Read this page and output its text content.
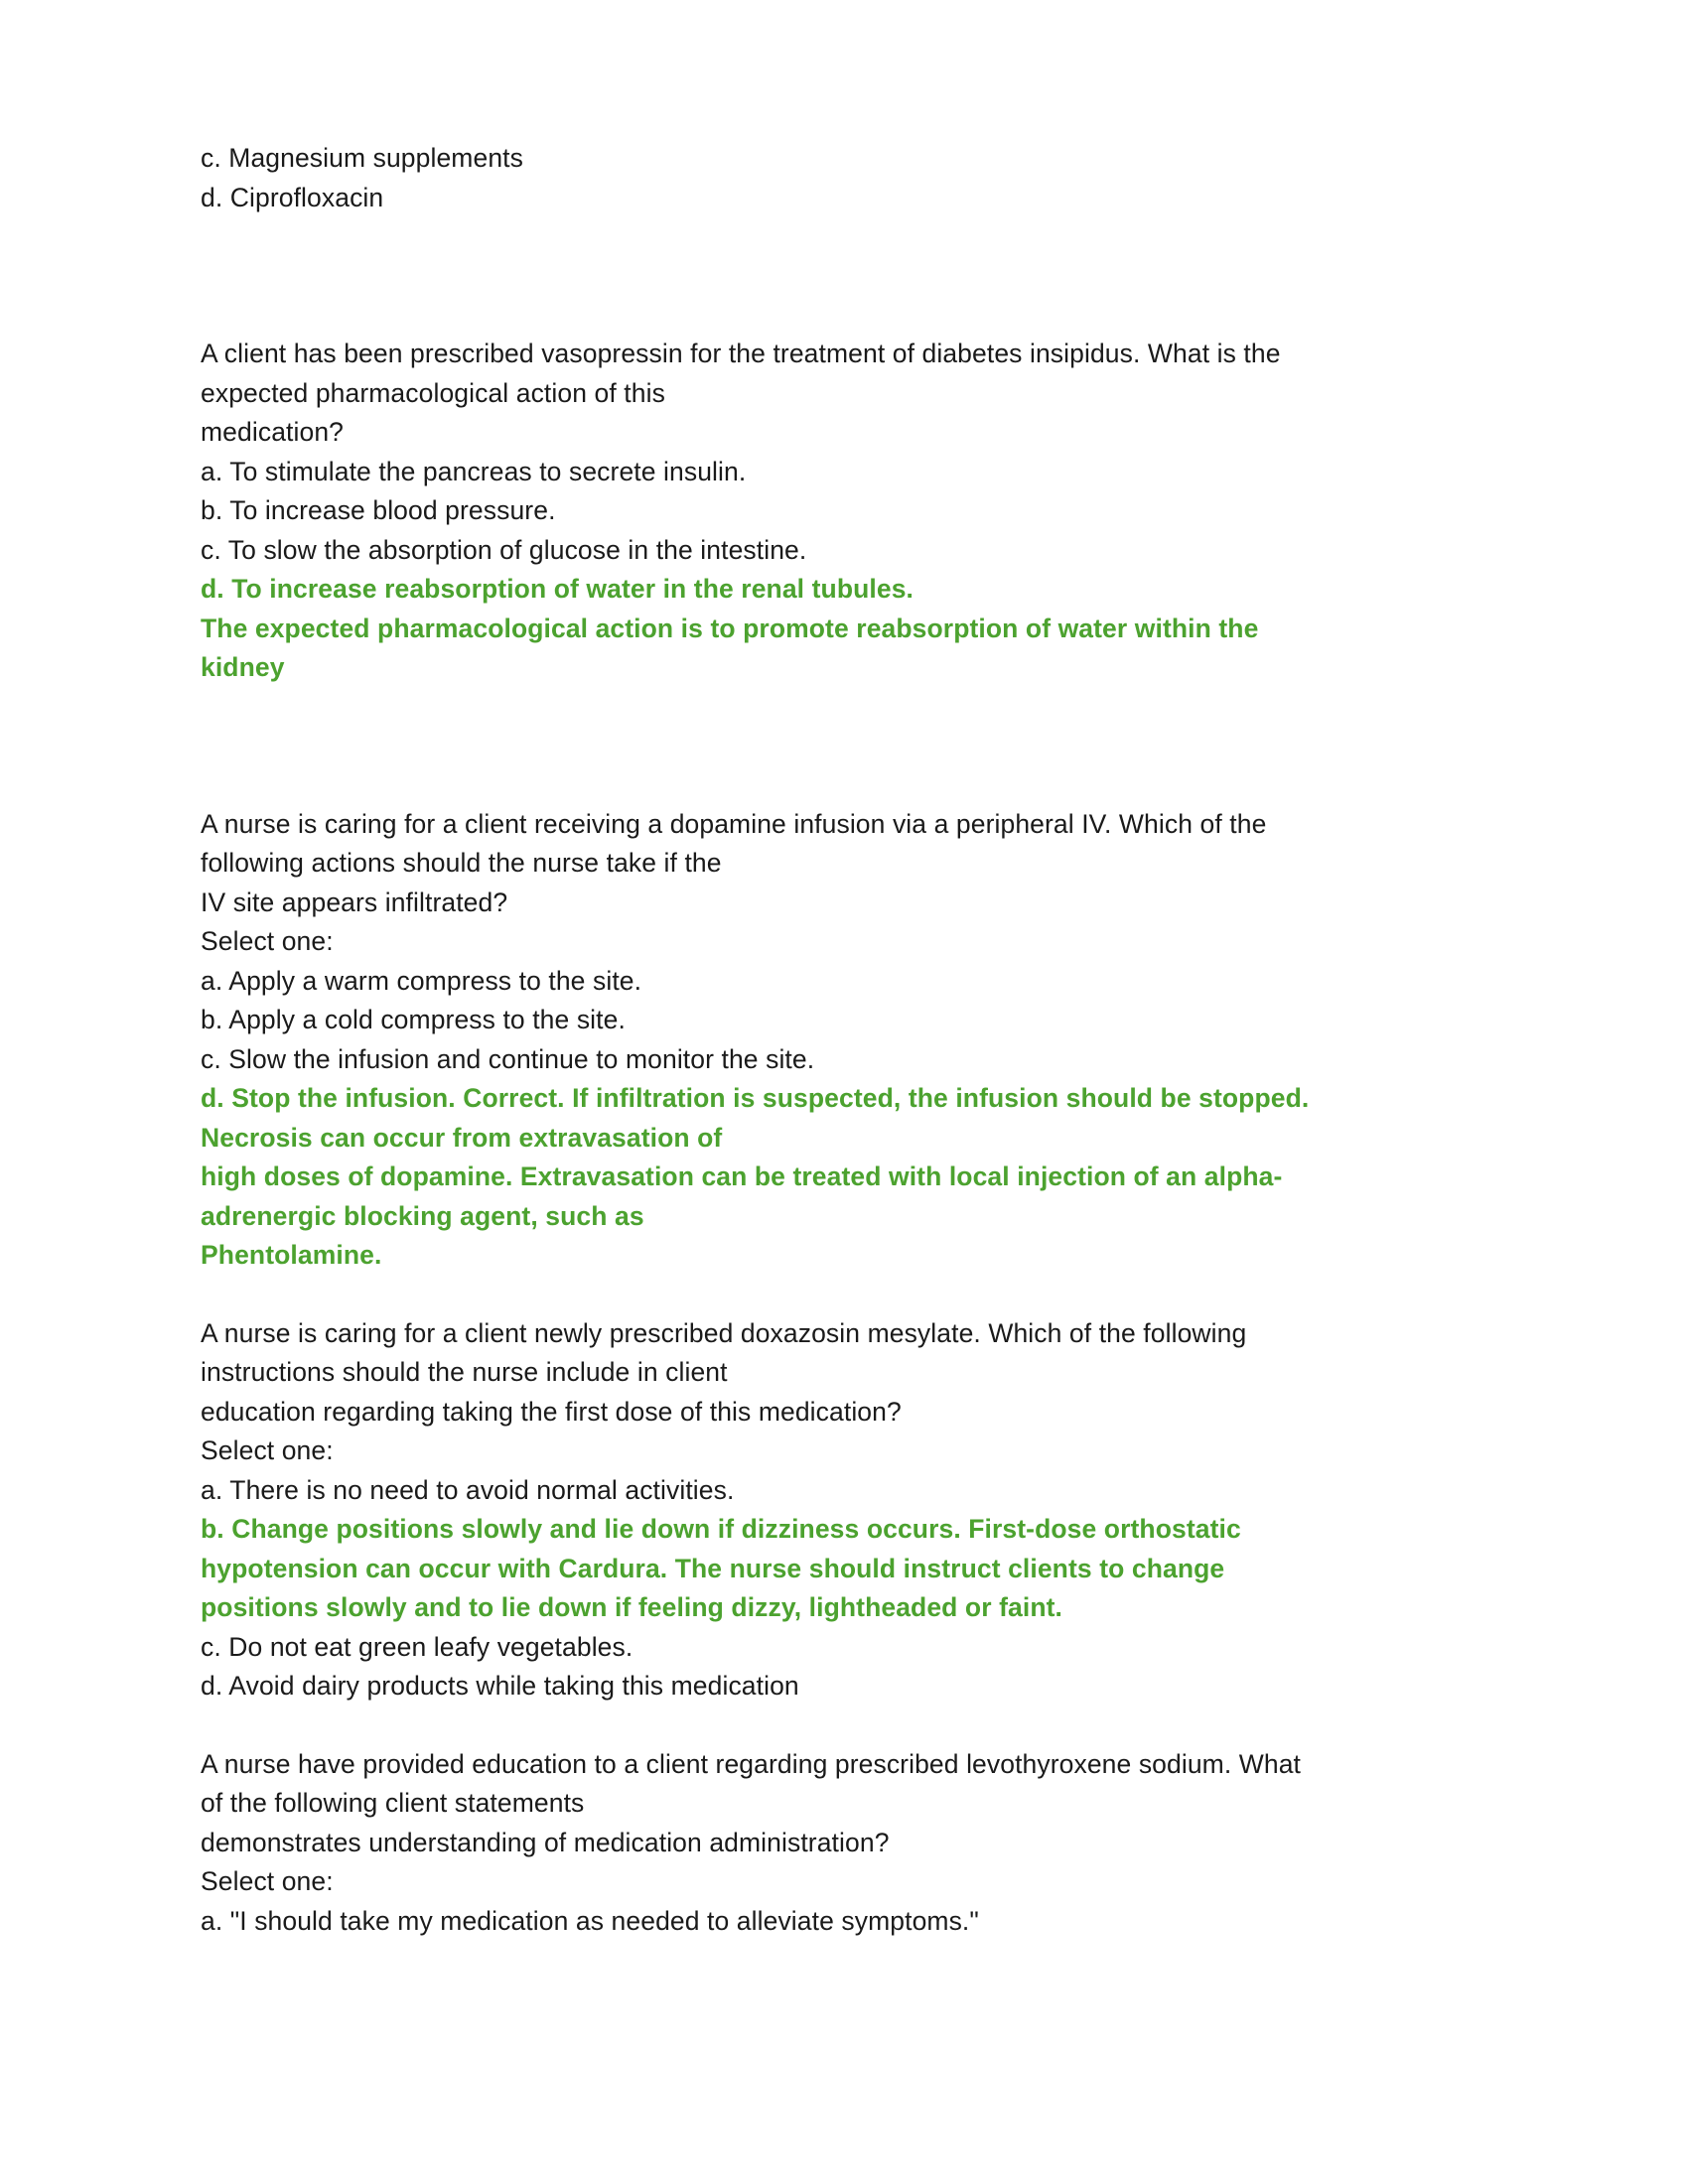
c. Magnesium supplements
d. Ciprofloxacin
A client has been prescribed vasopressin for the treatment of diabetes insipidus. What is the
expected pharmacological action of this
medication?
a. To stimulate the pancreas to secrete insulin.
b. To increase blood pressure.
c. To slow the absorption of glucose in the intestine.
d. To increase reabsorption of water in the renal tubules.
The expected pharmacological action is to promote reabsorption of water within the
kidney
A nurse is caring for a client receiving a dopamine infusion via a peripheral IV. Which of the
following actions should the nurse take if the
IV site appears infiltrated?
Select one:
a. Apply a warm compress to the site.
b. Apply a cold compress to the site.
c. Slow the infusion and continue to monitor the site.
d. Stop the infusion. Correct. If infiltration is suspected, the infusion should be stopped.
Necrosis can occur from extravasation of
high doses of dopamine. Extravasation can be treated with local injection of an alpha-
adrenergic blocking agent, such as
Phentolamine.
A nurse is caring for a client newly prescribed doxazosin mesylate. Which of the following
instructions should the nurse include in client
education regarding taking the first dose of this medication?
Select one:
a. There is no need to avoid normal activities.
b. Change positions slowly and lie down if dizziness occurs. First-dose orthostatic
hypotension can occur with Cardura. The nurse should instruct clients to change
positions slowly and to lie down if feeling dizzy, lightheaded or faint.
c. Do not eat green leafy vegetables.
d. Avoid dairy products while taking this medication
A nurse have provided education to a client regarding prescribed levothyroxene sodium. What
of the following client statements
demonstrates understanding of medication administration?
Select one:
a. "I should take my medication as needed to alleviate symptoms."
